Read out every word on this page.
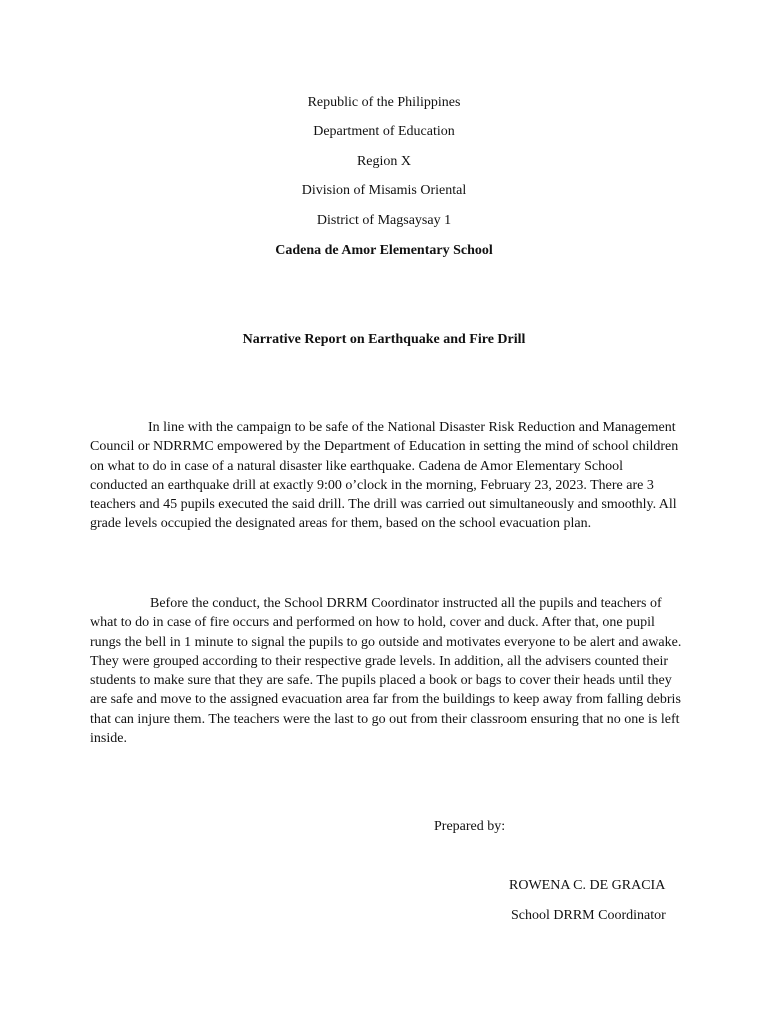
Republic of the Philippines
Department of Education
Region X
Division of Misamis Oriental
District of Magsaysay 1
Cadena de Amor Elementary School
Narrative Report on Earthquake and Fire Drill
In line with the campaign to be safe of the National Disaster Risk Reduction and Management Council or NDRRMC empowered by the Department of Education in setting the mind of school children on what to do in case of a natural disaster like earthquake. Cadena de Amor Elementary School conducted an earthquake drill at exactly 9:00 o’clock in the morning, February 23, 2023. There are 3 teachers and 45 pupils executed the said drill. The drill was carried out simultaneously and smoothly. All grade levels occupied the designated areas for them, based on the school evacuation plan.
Before the conduct, the School DRRM Coordinator instructed all the pupils and teachers of what to do in case of fire occurs and performed on how to hold, cover and duck. After that, one pupil rungs the bell in 1 minute to signal the pupils to go outside and motivates everyone to be alert and awake. They were grouped according to their respective grade levels. In addition, all the advisers counted their students to make sure that they are safe. The pupils placed a book or bags to cover their heads until they are safe and move to the assigned evacuation area far from the buildings to keep away from falling debris that can injure them. The teachers were the last to go out from their classroom ensuring that no one is left inside.
Prepared by:
ROWENA C. DE GRACIA
School DRRM Coordinator
